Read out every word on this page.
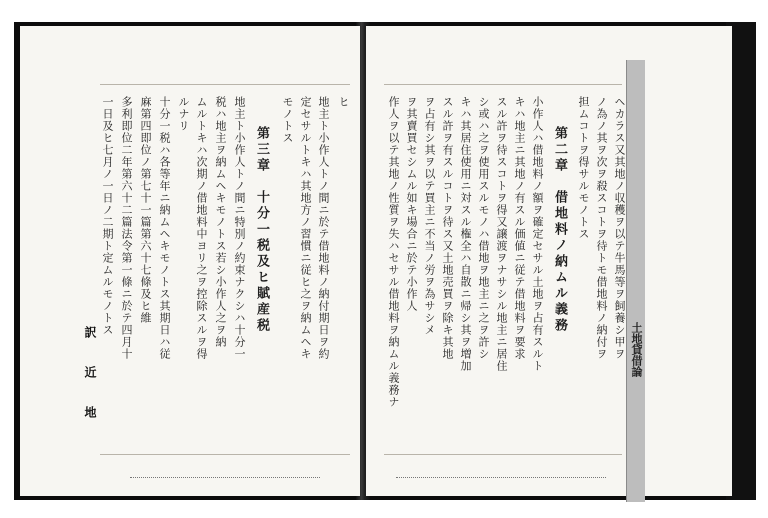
ヒ
地主ト小作人トノ間ニ於テ借地料ノ納付期日ヲ約
定セサルトキハ其地方ノ習慣ニ従ヒ之ヲ納ムヘキ
モノトス
第三章　十分一税及ヒ賦産税
地主ト小作人トノ間ニ特別ノ約束ナクシハ十分一
税ハ地主ヲ納ムヘキモノトス若シ小作人之ヲ納
ムルトキハ次期ノ借地料中ヨリ之ヲ控除スルヲ得
ルナリ
十分一税ハ各等年ニ納ムヘキモノトス其期日ハ従
麻第四即位ノ第七十一篇第六十七條及ヒ維
多利即位二年第六十二篇法令第一條ニ於テ四月十
一日及ヒ七月ノ一日ノ二期ト定ムルモノトス
訳
近
地
ヘカラス又其地ノ収穫ヲ以テ牛馬等ヲ飼養シ甲ヲ
ノ為ノ其ヲ次ヲ殺スコトヲ待トモ借地料ノ納付ヲ
担ムコトヲ得サルモノトス
第二章　借地料ノ納ムル義務
小作人ハ借地料ノ額ヲ確定セサル土地ヲ占有スルト
キハ地主ニ其地ノ有スル価値ニ従テ借地料ヲ要求
スル許ヲ待スコトヲ得又譲渡ヲナサシル地主ニ居住
シ或ハ之ヲ使用スルモノハ借地ヲ地主ニ之ヲ許シ
キハ其居住使用ニ対スル権全ハ自散ニ帰シ其ヲ増加
スル許ヲ有スルコトヲ待ス又土地売買ヲ除キ其地
ヲ占有シ其ヲ以テ買主ニ不当ノ労ヲ為サシメ
ヲ其賣買セシムル如キ場合ニ於テ小作人
作人ヲ以テ其地ノ性質ヲ失ハセサル借地料ヲ納ムル義務ナ	土地貸借論
